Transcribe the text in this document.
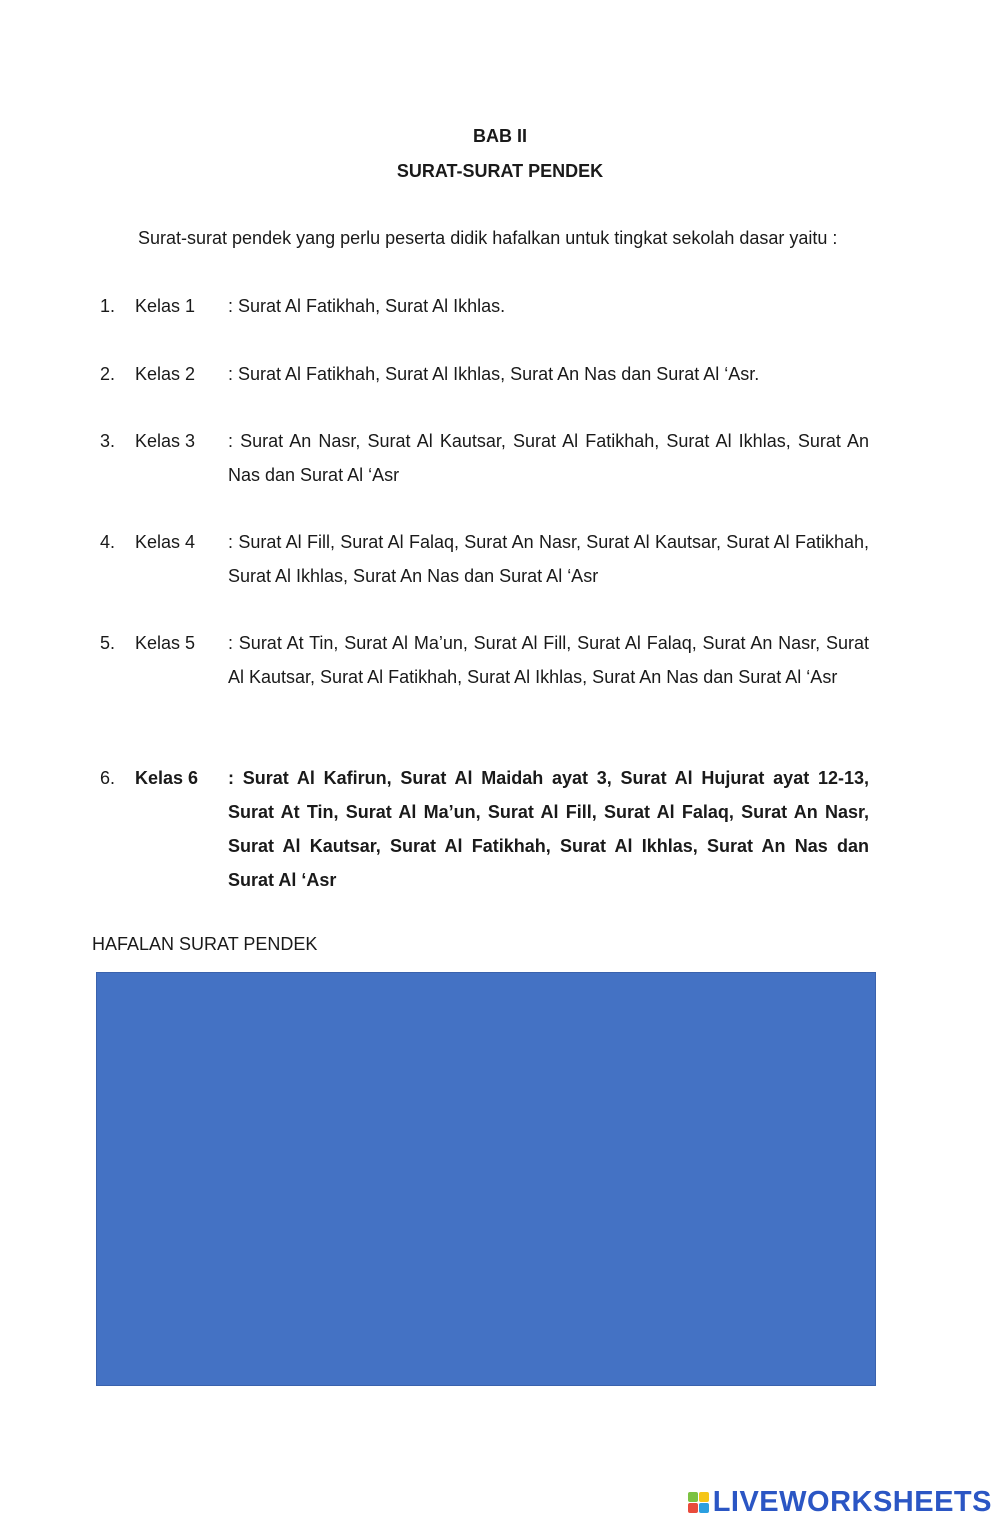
BAB II
SURAT-SURAT PENDEK
Surat-surat pendek yang perlu peserta didik hafalkan untuk tingkat sekolah dasar yaitu :
1. Kelas 1 : Surat Al Fatikhah, Surat Al Ikhlas.
2. Kelas 2 : Surat Al Fatikhah, Surat Al Ikhlas, Surat An Nas dan Surat Al ‘Asr.
3. Kelas 3 : Surat An Nasr, Surat Al Kautsar, Surat Al Fatikhah, Surat Al Ikhlas, Surat An Nas dan Surat Al ‘Asr
4. Kelas 4 : Surat Al Fill, Surat Al Falaq, Surat An Nasr, Surat Al Kautsar, Surat Al Fatikhah, Surat Al Ikhlas, Surat An Nas dan Surat Al ‘Asr
5. Kelas 5 : Surat At Tin, Surat Al Ma’un, Surat Al Fill, Surat Al Falaq, Surat An Nasr, Surat Al Kautsar, Surat Al Fatikhah, Surat Al Ikhlas, Surat An Nas dan Surat Al ‘Asr
6. Kelas 6 : Surat Al Kafirun, Surat Al Maidah ayat 3, Surat Al Hujurat ayat 12-13, Surat At Tin, Surat Al Ma’un, Surat Al Fill, Surat Al Falaq, Surat An Nasr, Surat Al Kautsar, Surat Al Fatikhah, Surat Al Ikhlas, Surat An Nas dan Surat Al ‘Asr
HAFALAN SURAT PENDEK
LIVEWORKSHEETS
